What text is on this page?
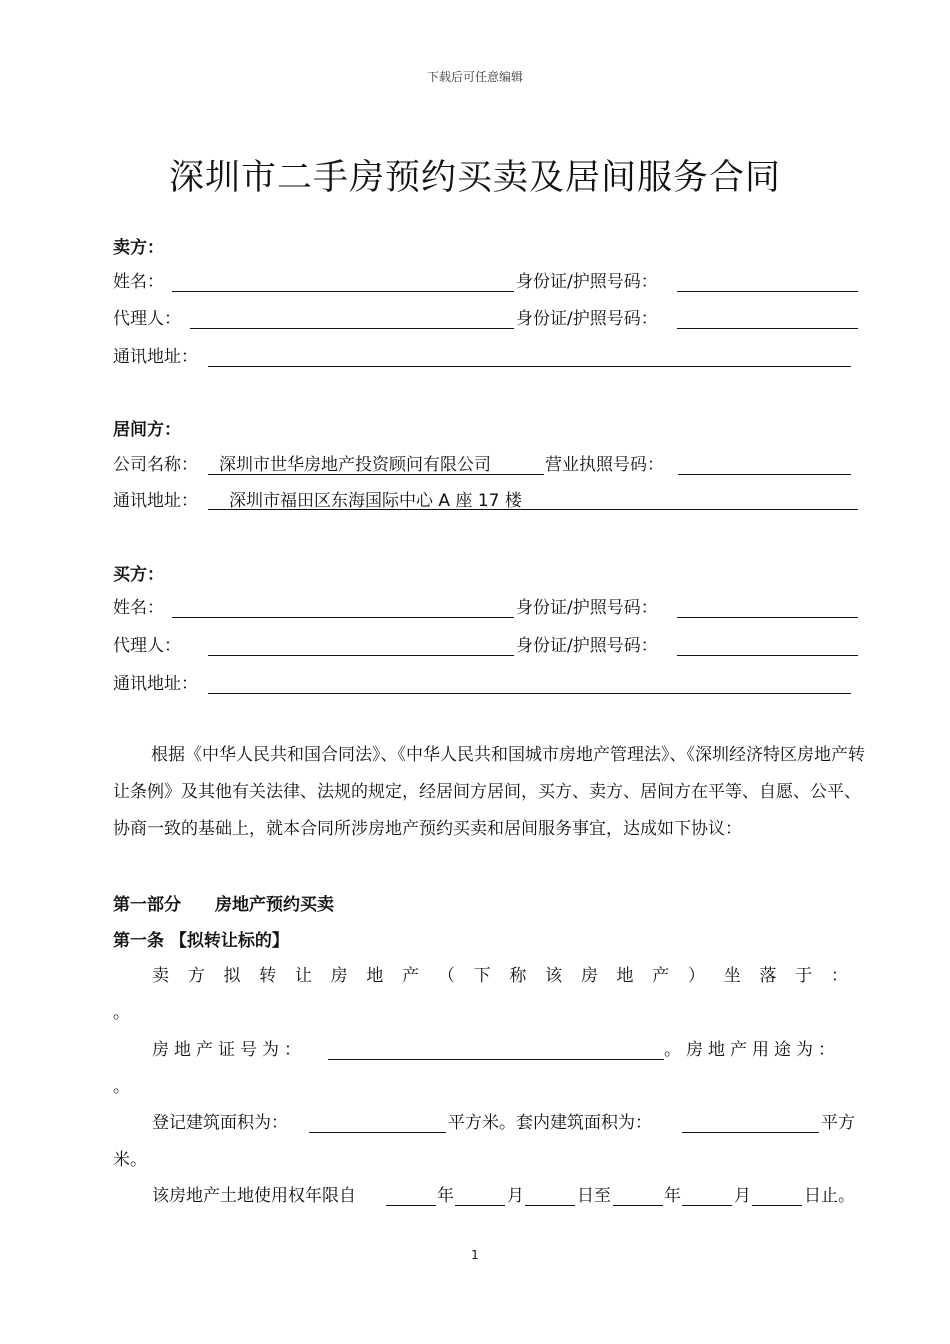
下载后可任意编辑
深圳市二手房预约买卖及居间服务合同
卖方：
姓名：	身份证/护照号码：
代理人：	身份证/护照号码：
通讯地址：
居间方：
公司名称： 深圳市世华房地产投资顾问有限公司	营业执照号码：
通讯地址： 深圳市福田区东海国际中心 A 座 17 楼
买方：
姓名：	身份证/护照号码：
代理人：	身份证/护照号码：
通讯地址：
根据《中华人民共和国合同法》、《中华人民共和国城市房地产管理法》、《深圳经济特区房地产转让条例》及其他有关法律、法规的规定，经居间方居间，买方、卖方、居间方在平等、自愿、公平、协商一致的基础上，就本合同所涉房地产预约买卖和居间服务事宜，达成如下协议：
第一部分　　房地产预约买卖
第一条 【拟转让标的】
卖 方 拟 转 让 房 地 产 （ 下 称 该 房 地 产 ） 坐 落 于 ：
。
房地产证号为：	。房地产用途为：
。
登记建筑面积为：	平方米。套内建筑面积为：	平方
米。
该房地产土地使用权年限自	年	月	日至	年	月	日止。
1
